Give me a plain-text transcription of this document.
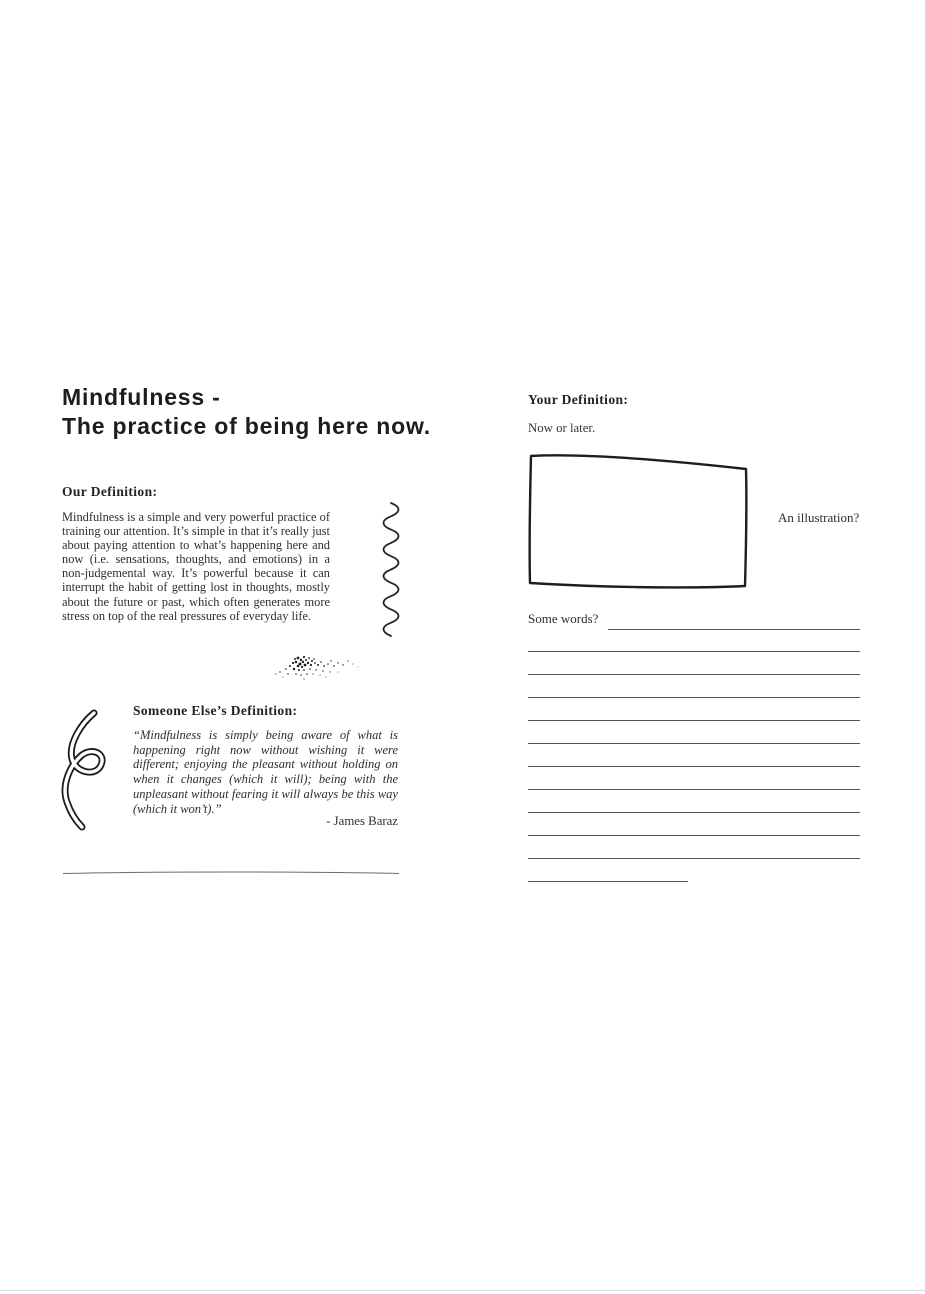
Mindfulness -
The practice of being here now.
Our Definition:

Mindfulness is a simple and very powerful practice of training our attention. It’s simple in that it’s really just about paying attention to what’s happening here and now (i.e. sensations, thoughts, and emotions) in a non-judgemental way. It’s powerful because it can interrupt the habit of getting lost in thoughts, mostly about the future or past, which often generates more stress on top of the real pressures of everyday life.

Someone Else’s Definition:

“Mindfulness is simply being aware of what is happening right now without wishing it were different; enjoying the pleasant without holding on when it changes (which it will); being with the unpleasant without fearing it will always be this way (which it won’t).”

- James Baraz
Your Definition:
Now or later.
An illustration?
Some words?
